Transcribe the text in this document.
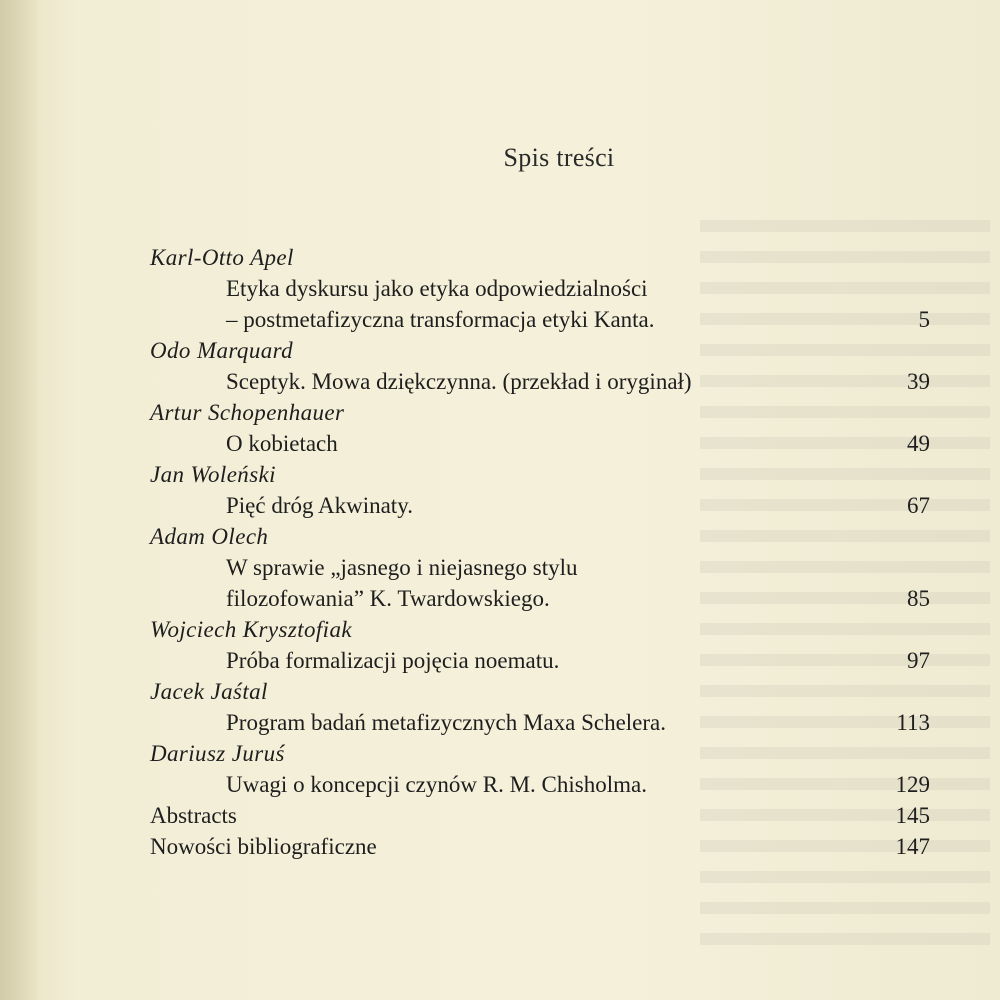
Spis treści
Karl-Otto Apel
Etyka dyskursu jako etyka odpowiedzialności
– postmetafizyczna transformacja etyki Kanta.	5
Odo Marquard
Sceptyk. Mowa dziękczynna. (przekład i oryginał)	39
Artur Schopenhauer
O kobietach	49
Jan Woleński
Pięć dróg Akwinaty.	67
Adam Olech
W sprawie „jasnego i niejasnego stylu
filozofowania” K. Twardowskiego.	85
Wojciech Krysztofiak
Próba formalizacji pojęcia noematu.	97
Jacek Jaśtal
Program badań metafizycznych Maxa Schelera.	113
Dariusz Juruś
Uwagi o koncepcji czynów R. M. Chisholma.	129
Abstracts	145
Nowości bibliograficzne	147
